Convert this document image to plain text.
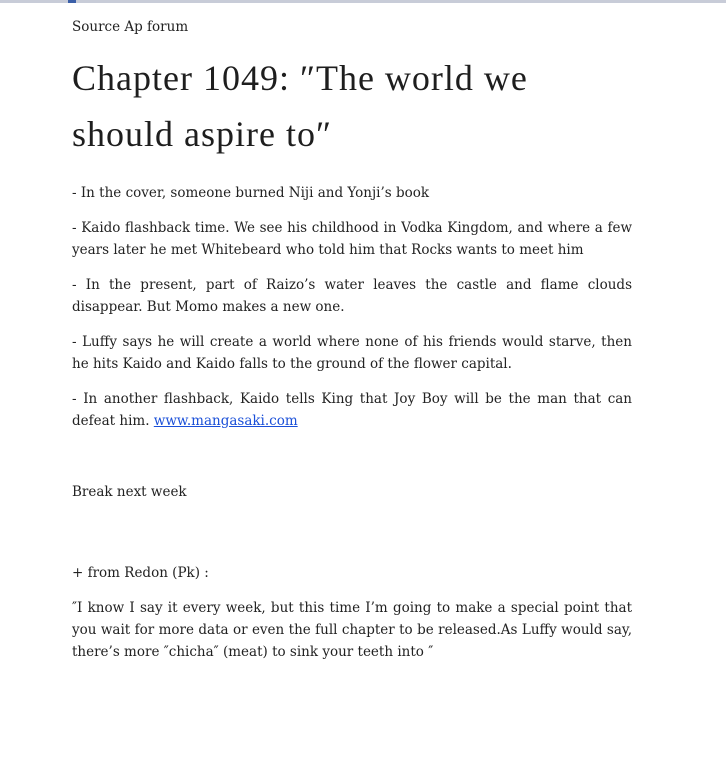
Source Ap forum

Chapter 1049: ″The world we should aspire to″

- In the cover, someone burned Niji and Yonji’s book

- Kaido flashback time. We see his childhood in Vodka Kingdom, and where a few years later he met Whitebeard who told him that Rocks wants to meet him

- In the present, part of Raizo’s water leaves the castle and flame clouds disappear. But Momo makes a new one.

- Luffy says he will create a world where none of his friends would starve, then he hits Kaido and Kaido falls to the ground of the flower capital.

- In another flashback, Kaido tells King that Joy Boy will be the man that can defeat him. www.mangasaki.com

Break next week

+ from Redon (Pk) :

″I know I say it every week, but this time I’m going to make a special point that you wait for more data or even the full chapter to be released.As Luffy would say, there’s more ″chicha″ (meat) to sink your teeth into ″
